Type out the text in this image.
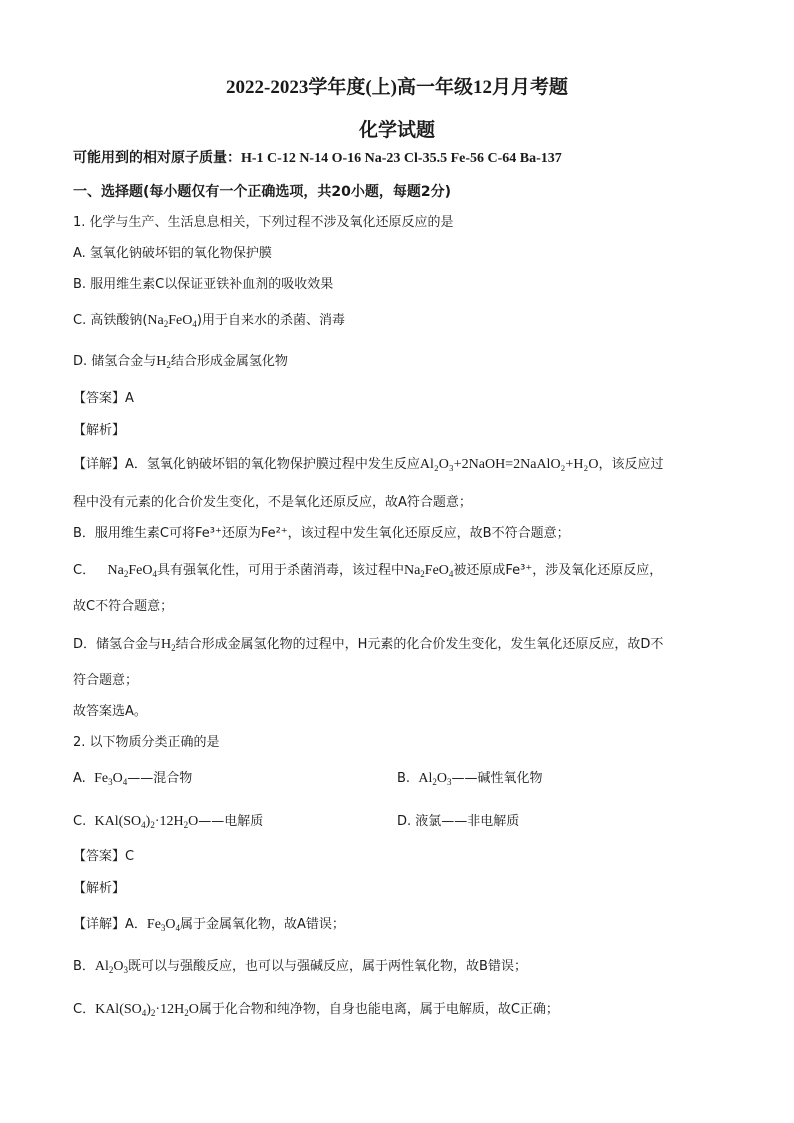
2022-2023学年度(上)高一年级12月月考题
化学试题
可能用到的相对原子质量：H-1 C-12 N-14 O-16 Na-23 Cl-35.5 Fe-56 C-64 Ba-137
一、选择题(每小题仅有一个正确选项，共20小题，每题2分)
1. 化学与生产、生活息息相关，下列过程不涉及氧化还原反应的是
A. 氢氧化钠破坏铝的氧化物保护膜
B. 服用维生素C以保证亚铁补血剂的吸收效果
C. 高铁酸钠$(Na_2FeO_4)$用于自来水的杀菌、消毒
D. 储氢合金与$H_2$结合形成金属氢化物
【答案】A
【解析】
【详解】A．氢氧化钠破坏铝的氧化物保护膜过程中发生反应Al₂O₃+2NaOH=2NaAlO₂+H₂O，该反应过
程中没有元素的化合价发生变化，不是氧化还原反应，故A符合题意；
B．服用维生素C可将Fe³⁺还原为Fe²⁺，该过程中发生氧化还原反应，故B不符合题意；
C． $Na_2FeO_4$具有强氧化性，可用于杀菌消毒，该过程中$Na_2FeO_4$被还原成Fe³⁺，涉及氧化还原反应，
故C不符合题意；
D．储氢合金与$H_2$结合形成金属氢化物的过程中，H元素的化合价发生变化，发生氧化还原反应，故D不
符合题意；
故答案选A。
2. 以下物质分类正确的是
A.  $Fe_3O_4——$混合物	B.  $Al_2O_3——$碱性氧化物
C.  $KAl(SO_4)_2\cdot 12H_2O——$电解质	D. 液氯——非电解质
【答案】C
【解析】
【详解】A．$Fe_3O_4$属于金属氧化物，故A错误；
B．$Al_2O_3$既可以与强酸反应，也可以与强碱反应，属于两性氧化物，故B错误；
C．$KAl(SO_4)_2\cdot 12H_2O$属于化合物和纯净物，自身也能电离，属于电解质，故C正确；
